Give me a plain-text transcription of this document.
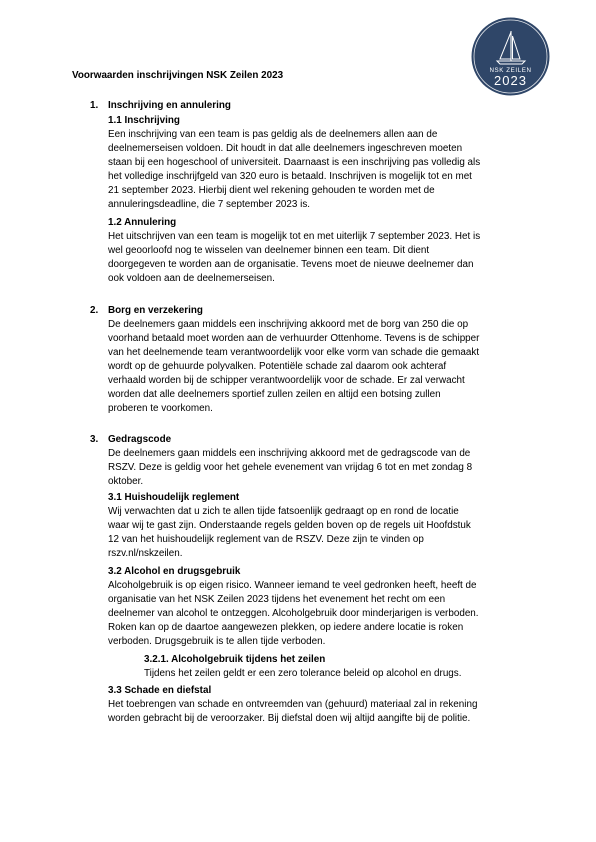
NSK ZEILEN
2023
Voorwaarden inschrijvingen NSK Zeilen 2023
1. Inschrijving en annulering
1.1 Inschrijving
Een inschrijving van een team is pas geldig als de deelnemers allen aan de
deelnemerseisen voldoen. Dit houdt in dat alle deelnemers ingeschreven moeten
staan bij een hogeschool of universiteit. Daarnaast is een inschrijving pas volledig als
het volledige inschrijfgeld van 320 euro is betaald. Inschrijven is mogelijk tot en met
21 september 2023. Hierbij dient wel rekening gehouden te worden met de
annuleringsdeadline, die 7 september 2023 is.
1.2 Annulering
Het uitschrijven van een team is mogelijk tot en met uiterlijk 7 september 2023. Het is
wel geoorloofd nog te wisselen van deelnemer binnen een team. Dit dient
doorgegeven te worden aan de organisatie. Tevens moet de nieuwe deelnemer dan
ook voldoen aan de deelnemerseisen.
2. Borg en verzekering
De deelnemers gaan middels een inschrijving akkoord met de borg van 250 die op
voorhand betaald moet worden aan de verhuurder Ottenhome. Tevens is de schipper
van het deelnemende team verantwoordelijk voor elke vorm van schade die gemaakt
wordt op de gehuurde polyvalken. Potentiële schade zal daarom ook achteraf
verhaald worden bij de schipper verantwoordelijk voor de schade. Er zal verwacht
worden dat alle deelnemers sportief zullen zeilen en altijd een botsing zullen
proberen te voorkomen.
3. Gedragscode
De deelnemers gaan middels een inschrijving akkoord met de gedragscode van de
RSZV. Deze is geldig voor het gehele evenement van vrijdag 6 tot en met zondag 8
oktober.
3.1 Huishoudelijk reglement
Wij verwachten dat u zich te allen tijde fatsoenlijk gedraagt op en rond de locatie
waar wij te gast zijn. Onderstaande regels gelden boven op de regels uit Hoofdstuk
12 van het huishoudelijk reglement van de RSZV. Deze zijn te vinden op
rszv.nl/nskzeilen.
3.2 Alcohol en drugsgebruik
Alcoholgebruik is op eigen risico. Wanneer iemand te veel gedronken heeft, heeft de
organisatie van het NSK Zeilen 2023 tijdens het evenement het recht om een
deelnemer van alcohol te ontzeggen. Alcoholgebruik door minderjarigen is verboden.
Roken kan op de daartoe aangewezen plekken, op iedere andere locatie is roken
verboden. Drugsgebruik is te allen tijde verboden.
3.2.1. Alcoholgebruik tijdens het zeilen
Tijdens het zeilen geldt er een zero tolerance beleid op alcohol en drugs.
3.3 Schade en diefstal
Het toebrengen van schade en ontvreemden van (gehuurd) materiaal zal in rekening
worden gebracht bij de veroorzaker. Bij diefstal doen wij altijd aangifte bij de politie.
